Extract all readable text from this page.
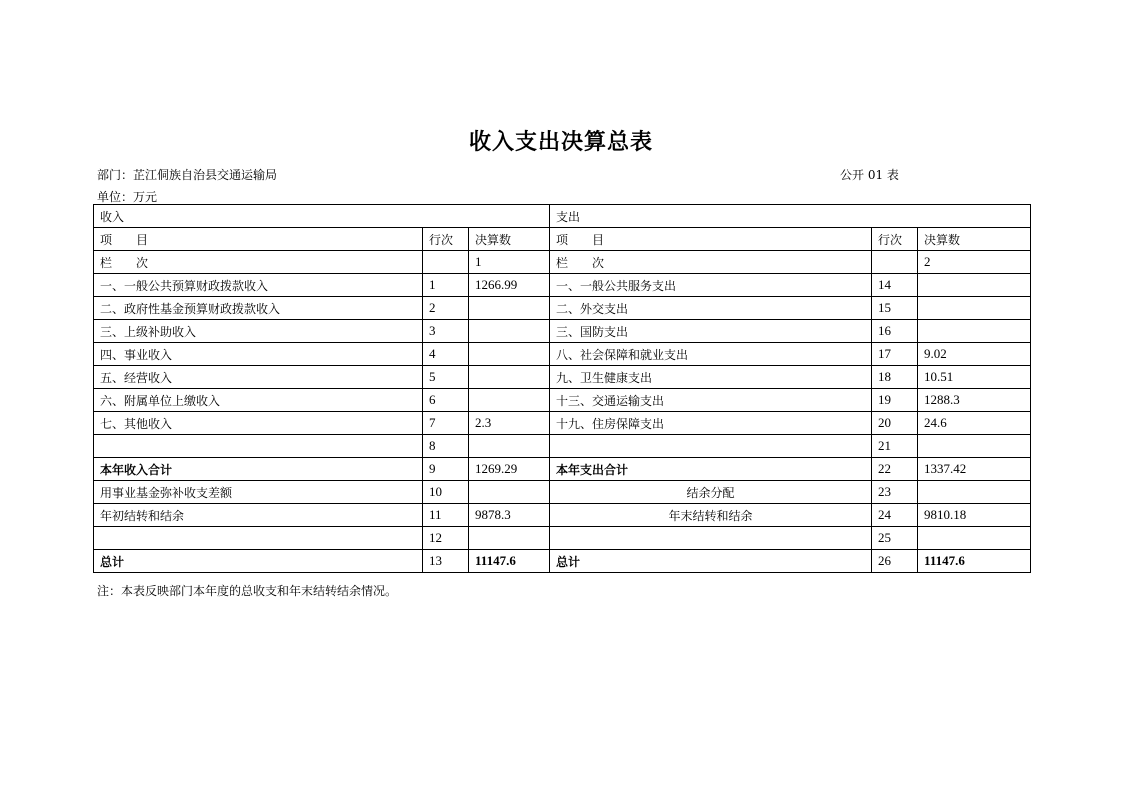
收入支出决算总表
部门：芷江侗族自治县交通运输局	公开 01 表
单位：万元
收入			支出		
项　　目	行次	决算数	项　　目	行次	决算数
栏　　次		1	栏　　次		2
一、一般公共预算财政拨款收入	1	1266.99	一、一般公共服务支出	14	
二、政府性基金预算财政拨款收入	2		二、外交支出	15	
三、上级补助收入	3		三、国防支出	16	
四、事业收入	4		八、社会保障和就业支出	17	9.02
五、经营收入	5		九、卫生健康支出	18	10.51
六、附属单位上缴收入	6		十三、交通运输支出	19	1288.3
七、其他收入	7	2.3	十九、住房保障支出	20	24.6
	8			21	
本年收入合计	9	1269.29	本年支出合计	22	1337.42
用事业基金弥补收支差额	10		结余分配	23	
年初结转和结余	11	9878.3	年末结转和结余	24	9810.18
	12			25	
总计	13	11147.6	总计	26	11147.6
注：本表反映部门本年度的总收支和年末结转结余情况。
